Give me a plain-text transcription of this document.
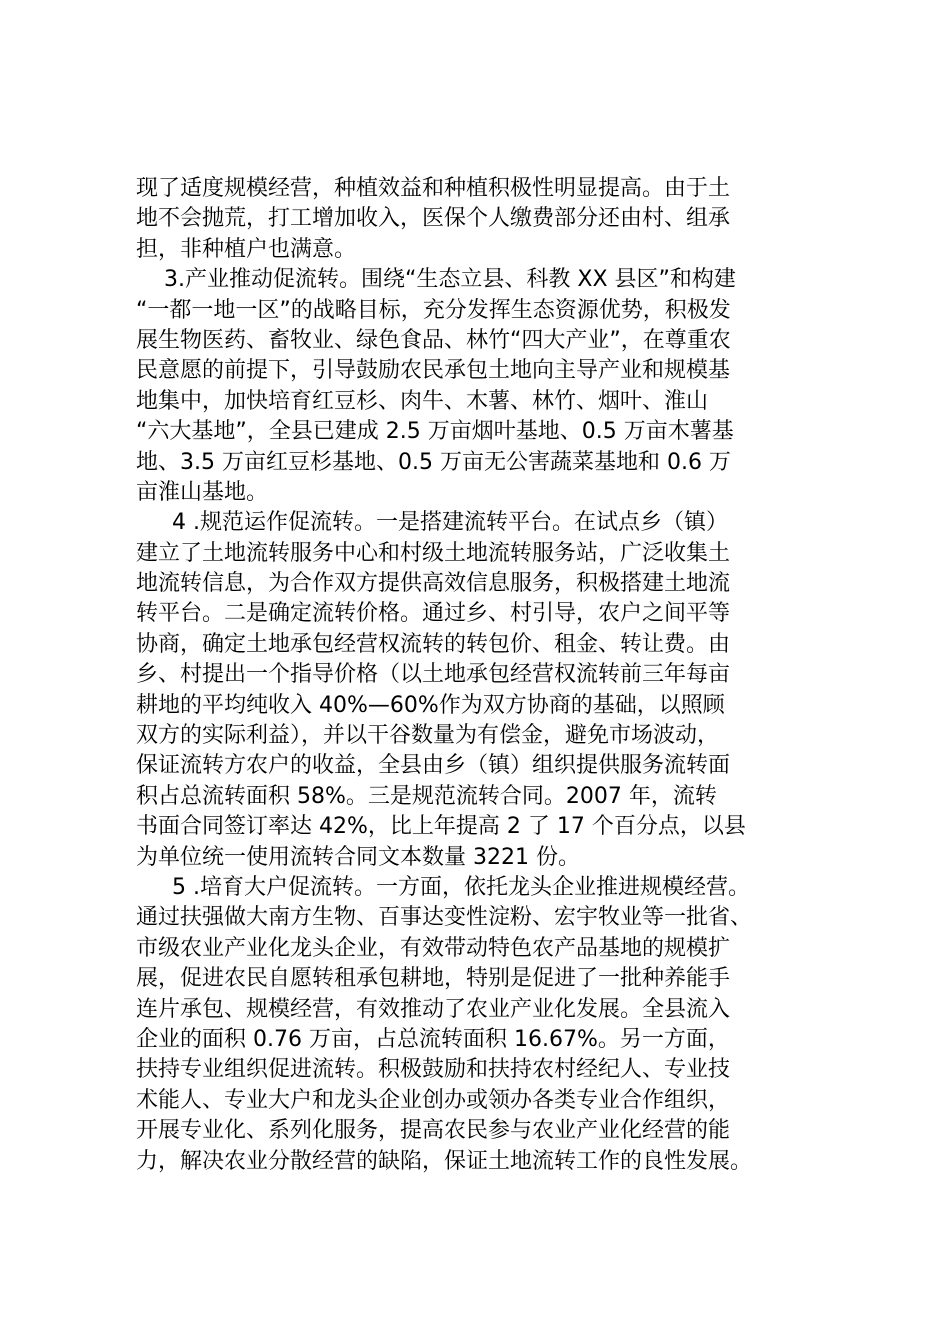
现了适度规模经营，种植效益和种植积极性明显提高。由于土
地不会抛荒，打工增加收入，医保个人缴费部分还由村、组承
担，非种植户也满意。
3.产业推动促流转。围绕“生态立县、科教 XX 县区”和构建
“一都一地一区”的战略目标，充分发挥生态资源优势，积极发
展生物医药、畜牧业、绿色食品、林竹“四大产业”，在尊重农
民意愿的前提下，引导鼓励农民承包土地向主导产业和规模基
地集中，加快培育红豆杉、肉牛、木薯、林竹、烟叶、淮山
“六大基地”，全县已建成 2.5 万亩烟叶基地、0.5 万亩木薯基
地、3.5 万亩红豆杉基地、0.5 万亩无公害蔬菜基地和 0.6 万
亩淮山基地。
4 .规范运作促流转。一是搭建流转平台。在试点乡（镇）
建立了土地流转服务中心和村级土地流转服务站，广泛收集土
地流转信息，为合作双方提供高效信息服务，积极搭建土地流
转平台。二是确定流转价格。通过乡、村引导，农户之间平等
协商，确定土地承包经营权流转的转包价、租金、转让费。由
乡、村提出一个指导价格（以土地承包经营权流转前三年每亩
耕地的平均纯收入 40%—60%作为双方协商的基础，以照顾
双方的实际利益），并以干谷数量为有偿金，避免市场波动，
保证流转方农户的收益，全县由乡（镇）组织提供服务流转面
积占总流转面积 58%。三是规范流转合同。2007 年，流转
书面合同签订率达 42%，比上年提高 2 了 17 个百分点，以县
为单位统一使用流转合同文本数量 3221 份。
5 .培育大户促流转。一方面，依托龙头企业推进规模经营。
通过扶强做大南方生物、百事达变性淀粉、宏宇牧业等一批省、
市级农业产业化龙头企业，有效带动特色农产品基地的规模扩
展，促进农民自愿转租承包耕地，特别是促进了一批种养能手
连片承包、规模经营，有效推动了农业产业化发展。全县流入
企业的面积 0.76 万亩，占总流转面积 16.67%。另一方面，
扶持专业组织促进流转。积极鼓励和扶持农村经纪人、专业技
术能人、专业大户和龙头企业创办或领办各类专业合作组织，
开展专业化、系列化服务，提高农民参与农业产业化经营的能
力，解决农业分散经营的缺陷，保证土地流转工作的良性发展。
